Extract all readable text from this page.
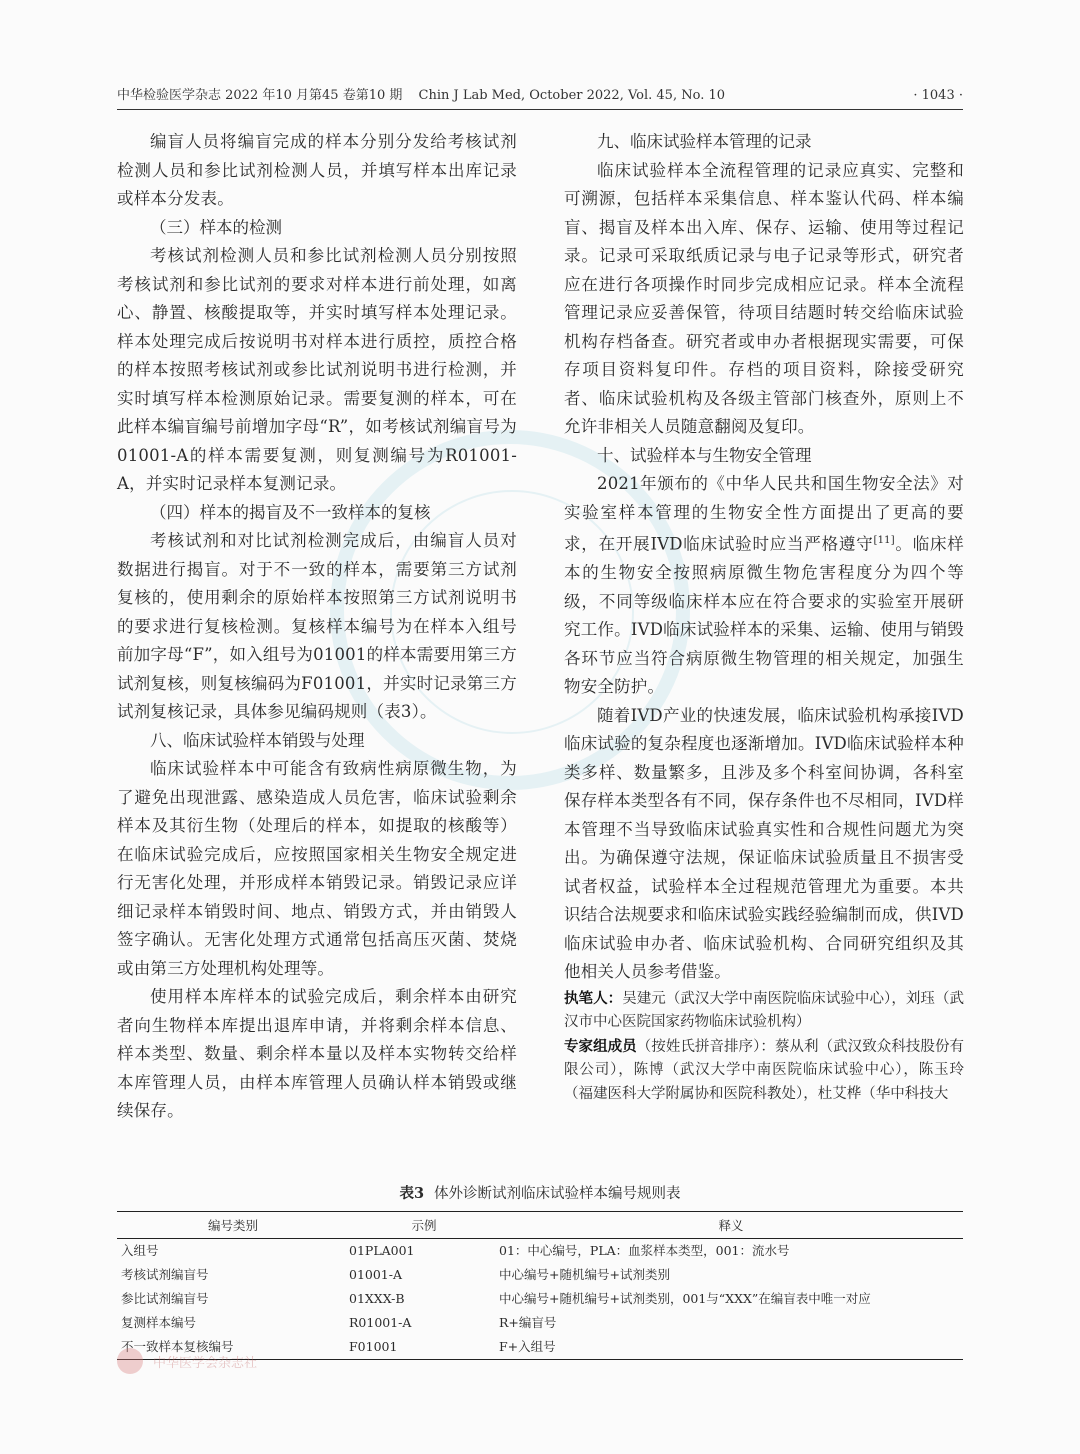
中华检验医学杂志 2022 年10 月第45 卷第10 期 Chin J Lab Med, October 2022, Vol. 45, No. 10	· 1043 ·

编盲人员将编盲完成的样本分别分发给考核试剂检测人员和参比试剂检测人员，并填写样本出库记录或样本分发表。

（三）样本的检测

考核试剂检测人员和参比试剂检测人员分别按照考核试剂和参比试剂的要求对样本进行前处理，如离心、静置、核酸提取等，并实时填写样本处理记录。样本处理完成后按说明书对样本进行质控，质控合格的样本按照考核试剂或参比试剂说明书进行检测，并实时填写样本检测原始记录。需要复测的样本，可在此样本编盲编号前增加字母“R”，如考核试剂编盲号为01001-A的样本需要复测，则复测编号为R01001-A，并实时记录样本复测记录。

（四）样本的揭盲及不一致样本的复核

考核试剂和对比试剂检测完成后，由编盲人员对数据进行揭盲。对于不一致的样本，需要第三方试剂复核的，使用剩余的原始样本按照第三方试剂说明书的要求进行复核检测。复核样本编号为在样本入组号前加字母“F”，如入组号为01001的样本需要用第三方试剂复核，则复核编码为F01001，并实时记录第三方试剂复核记录，具体参见编码规则（表3）。

八、临床试验样本销毁与处理

临床试验样本中可能含有致病性病原微生物，为了避免出现泄露、感染造成人员危害，临床试验剩余样本及其衍生物（处理后的样本，如提取的核酸等）在临床试验完成后，应按照国家相关生物安全规定进行无害化处理，并形成样本销毁记录。销毁记录应详细记录样本销毁时间、地点、销毁方式，并由销毁人签字确认。无害化处理方式通常包括高压灭菌、焚烧或由第三方处理机构处理等。

使用样本库样本的试验完成后，剩余样本由研究者向生物样本库提出退库申请，并将剩余样本信息、样本类型、数量、剩余样本量以及样本实物转交给样本库管理人员，由样本库管理人员确认样本销毁或继续保存。

九、临床试验样本管理的记录

临床试验样本全流程管理的记录应真实、完整和可溯源，包括样本采集信息、样本鉴认代码、样本编盲、揭盲及样本出入库、保存、运输、使用等过程记录。记录可采取纸质记录与电子记录等形式，研究者应在进行各项操作时同步完成相应记录。样本全流程管理记录应妥善保管，待项目结题时转交给临床试验机构存档备查。研究者或申办者根据现实需要，可保存项目资料复印件。存档的项目资料，除接受研究者、临床试验机构及各级主管部门核查外，原则上不允许非相关人员随意翻阅及复印。

十、试验样本与生物安全管理

2021年颁布的《中华人民共和国生物安全法》对实验室样本管理的生物安全性方面提出了更高的要求，在开展IVD临床试验时应当严格遵守[11]。临床样本的生物安全按照病原微生物危害程度分为四个等级，不同等级临床样本应在符合要求的实验室开展研究工作。IVD临床试验样本的采集、运输、使用与销毁各环节应当符合病原微生物管理的相关规定，加强生物安全防护。

随着IVD产业的快速发展，临床试验机构承接IVD临床试验的复杂程度也逐渐增加。IVD临床试验样本种类多样、数量繁多，且涉及多个科室间协调，各科室保存样本类型各有不同，保存条件也不尽相同，IVD样本管理不当导致临床试验真实性和合规性问题尤为突出。为确保遵守法规，保证临床试验质量且不损害受试者权益，试验样本全过程规范管理尤为重要。本共识结合法规要求和临床试验实践经验编制而成，供IVD临床试验申办者、临床试验机构、合同研究组织及其他相关人员参考借鉴。

执笔人：吴建元（武汉大学中南医院临床试验中心），刘珏（武汉市中心医院国家药物临床试验机构）

专家组成员（按姓氏拼音排序）：蔡从利（武汉致众科技股份有限公司），陈博（武汉大学中南医院临床试验中心），陈玉玲（福建医科大学附属协和医院科教处），杜艾桦（华中科技大

表3 体外诊断试剂临床试验样本编号规则表
编号类别	示例	释义
入组号	01PLA001	01：中心编号，PLA：血浆样本类型，001：流水号
考核试剂编盲号	01001-A	中心编号+随机编号+试剂类别
参比试剂编盲号	01XXX-B	中心编号+随机编号+试剂类别，001与“XXX”在编盲表中唯一对应
复测样本编号	R01001-A	R+编盲号
不一致样本复核编号	F01001	F+入组号
中华医学会杂志社
